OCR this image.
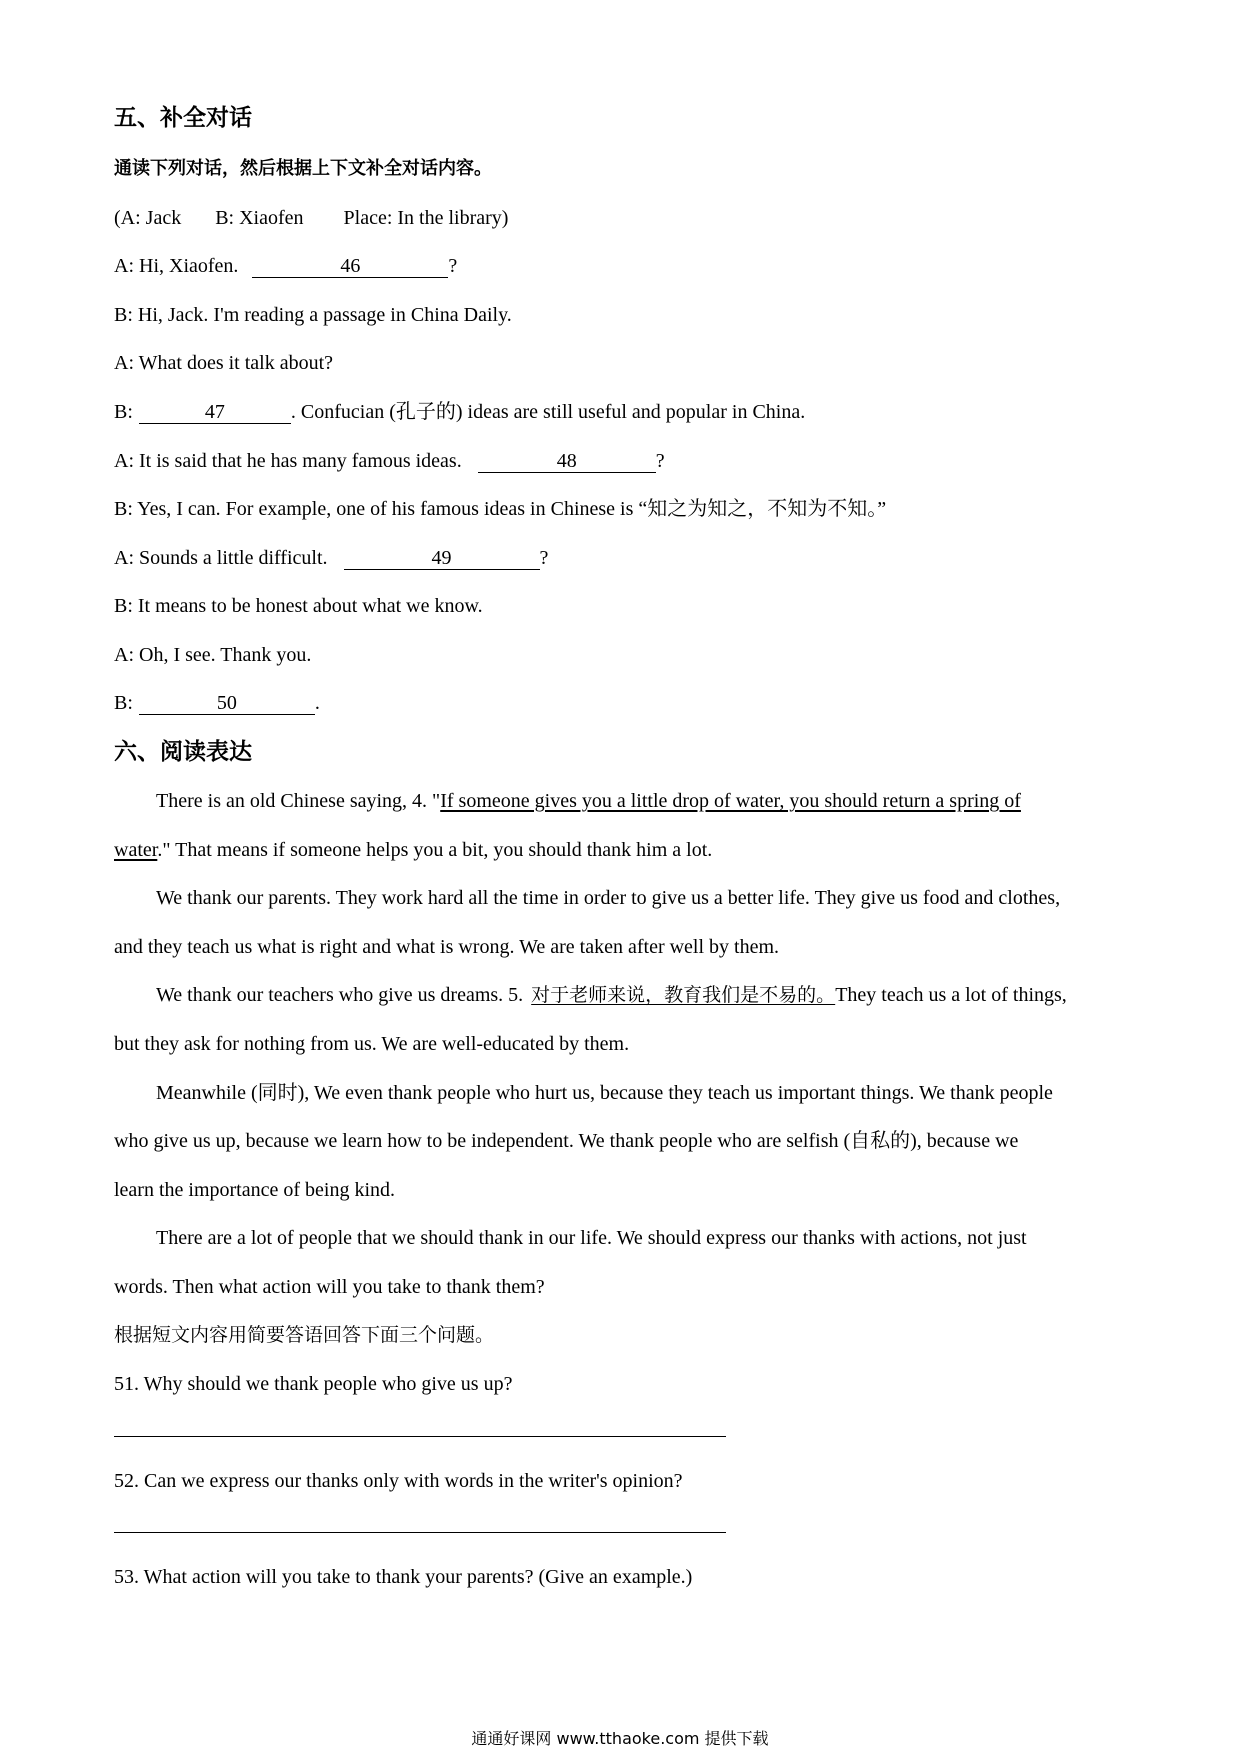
五、补全对话
通读下列对话，然后根据上下文补全对话内容。
(A: Jack B: Xiaofen Place: In the library)
A: Hi, Xiaofen.	46	?
B: Hi, Jack. I'm reading a passage in China Daily.
A: What does it talk about?
B:	47	. Confucian (孔子的) ideas are still useful and popular in China.
A: It is said that he has many famous ideas.	48	?
B: Yes, I can. For example, one of his famous ideas in Chinese is “知之为知之，不知为不知。”
A: Sounds a little difficult.	49	?
B: It means to be honest about what we know.
A: Oh, I see. Thank you.
B:	50	.
六、阅读表达
There is an old Chinese saying, 4. "If someone gives you a little drop of water, you should return a spring of
water." That means if someone helps you a bit, you should thank him a lot.
We thank our parents. They work hard all the time in order to give us a better life. They give us food and clothes,
and they teach us what is right and what is wrong. We are taken after well by them.
We thank our teachers who give us dreams. 5. 对于老师来说，教育我们是不易的。They teach us a lot of things,
but they ask for nothing from us. We are well-educated by them.
Meanwhile (同时), We even thank people who hurt us, because they teach us important things. We thank people
who give us up, because we learn how to be independent. We thank people who are selfish (自私的), because we
learn the importance of being kind.
There are a lot of people that we should thank in our life. We should express our thanks with actions, not just
words. Then what action will you take to thank them?
根据短文内容用简要答语回答下面三个问题。
51. Why should we thank people who give us up?
52. Can we express our thanks only with words in the writer's opinion?
53. What action will you take to thank your parents? (Give an example.)
通通好课网 www.tthaoke.com 提供下载
